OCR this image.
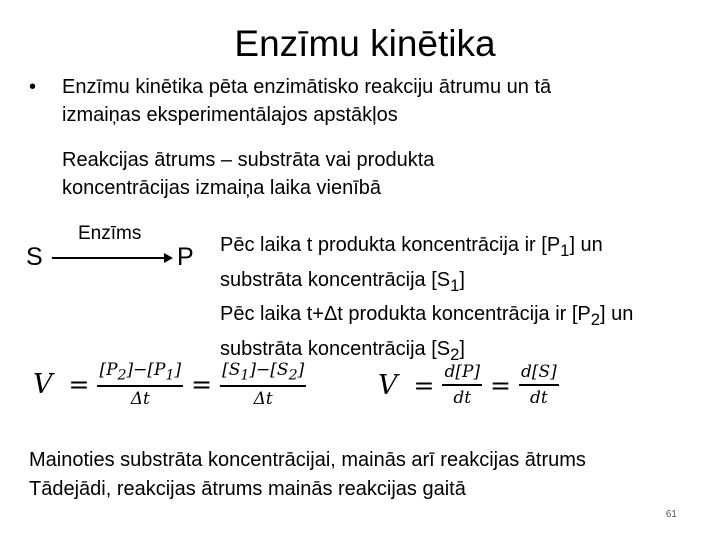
Enzīmu kinētika
• Enzīmu kinētika pēta enzimātisko reakciju ātrumu un tā
izmaiņas eksperimentālajos apstākļos
Reakcijas ātrums – substrāta vai produkta
koncentrācijas izmaiņa laika vienībā
S
Enzīms
P Pēc laika t produkta koncentrācija ir $[P_1]$ un
substrāta koncentrācija $[S_1]$
Pēc laika t+Δt produkta koncentrācija ir $[P_2]$ un
substrāta koncentrācija $[S_2]$
$V = \frac{[P_2]-[P_1]}{\Delta t} = \frac{[S_1]-[S_2]}{\Delta t}$	$V = \frac{d[P]}{dt} = \frac{d[S]}{dt}$
Mainoties substrāta koncentrācijai, mainās arī reakcijas ātrums
Tādejādi, reakcijas ātrums mainās reakcijas gaitā
61
